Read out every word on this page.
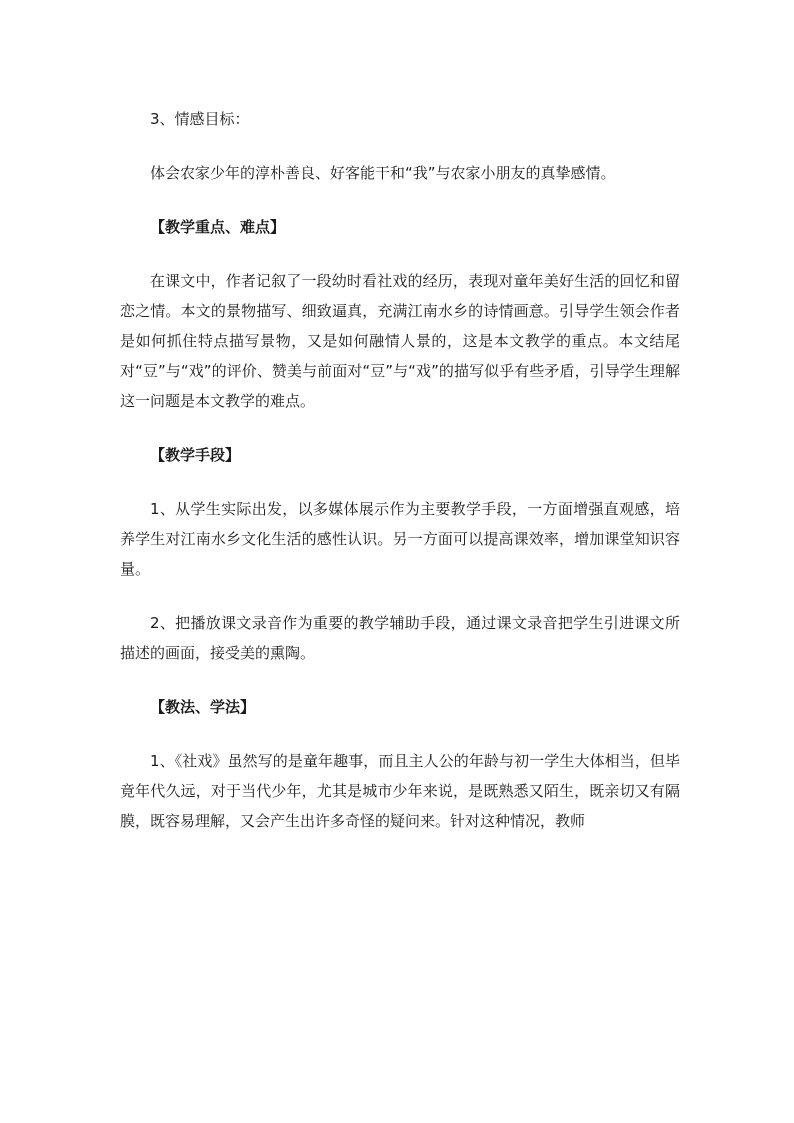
3、情感目标：

体会农家少年的淳朴善良、好客能干和“我”与农家小朋友的真挚感情。

【教学重点、难点】

在课文中，作者记叙了一段幼时看社戏的经历，表现对童年美好生活的回忆和留恋之情。本文的景物描写、细致逼真，充满江南水乡的诗情画意。引导学生领会作者是如何抓住特点描写景物，又是如何融情人景的，这是本文教学的重点。本文结尾对“豆”与“戏”的评价、赞美与前面对“豆”与“戏”的描写似乎有些矛盾，引导学生理解这一问题是本文教学的难点。

【教学手段】

1、从学生实际出发，以多媒体展示作为主要教学手段，一方面增强直观感，培养学生对江南水乡文化生活的感性认识。另一方面可以提高课效率，增加课堂知识容量。

2、把播放课文录音作为重要的教学辅助手段，通过课文录音把学生引进课文所描述的画面，接受美的熏陶。

【教法、学法】

1、《社戏》虽然写的是童年趣事，而且主人公的年龄与初一学生大体相当，但毕竟年代久远，对于当代少年，尤其是城市少年来说，是既熟悉又陌生，既亲切又有隔膜，既容易理解，又会产生出许多奇怪的疑问来。针对这种情况，教师
